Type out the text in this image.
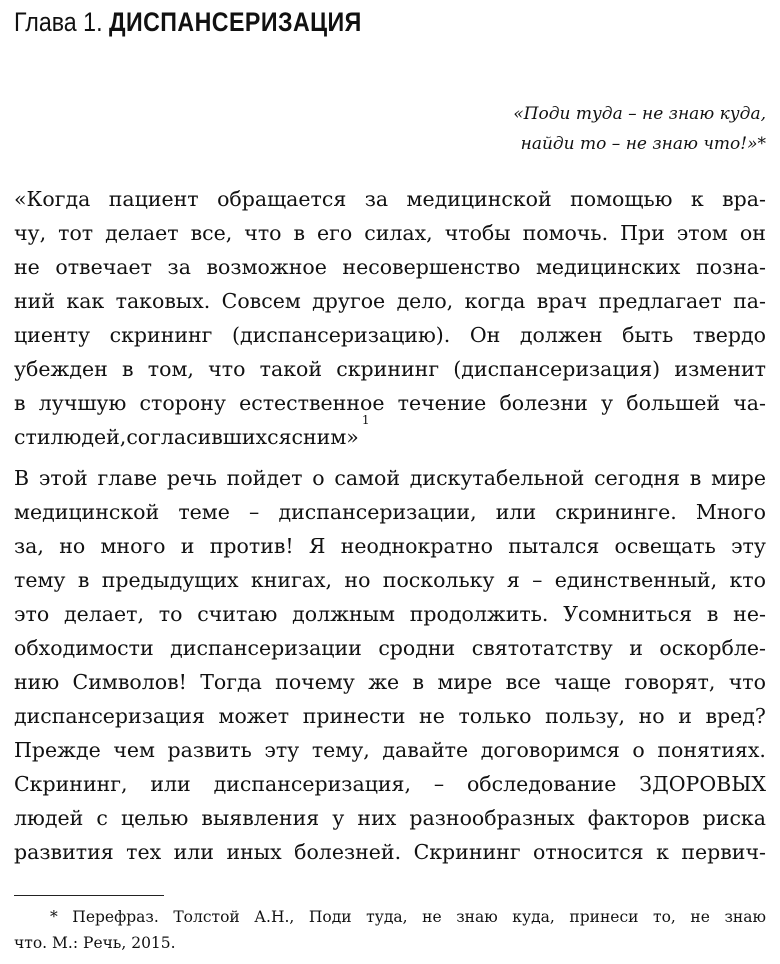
Глава 1. ДИСПАНСЕРИЗАЦИЯ
«Поди туда – не знаю куда,
найди то – не знаю что!»*
«Когда пациент обращается за медицинской помощью к вра-
чу, тот делает все, что в его силах, чтобы помочь. При этом он
не отвечает за возможное несовершенство медицинских позна-
ний как таковых. Совсем другое дело, когда врач предлагает па-
циенту скрининг (диспансеризацию). Он должен быть твердо
убежден в том, что такой скрининг (диспансеризация) изменит
в лучшую сторону естественное течение болезни у большей ча-
стилюдей,согласившихсясним»
1
В этой главе речь пойдет о самой дискутабельной сегодня в мире
медицинской теме – диспансеризации, или скрининге. Много
за, но много и против! Я неоднократно пытался освещать эту
тему в предыдущих книгах, но поскольку я – единственный, кто
это делает, то считаю должным продолжить. Усомниться в не-
обходимости диспансеризации сродни святотатству и оскорбле-
нию Символов! Тогда почему же в мире все чаще говорят, что
диспансеризация может принести не только пользу, но и вред?
Прежде чем развить эту тему, давайте договоримся о понятиях.
Скрининг, или диспансеризация, – обследование ЗДОРОВЫХ
людей с целью выявления у них разнообразных факторов риска
развития тех или иных болезней. Скрининг относится к первич-
* Перефраз. Толстой А.Н., Поди туда, не знаю куда, принеси то, не знаю
что. М.: Речь, 2015.
